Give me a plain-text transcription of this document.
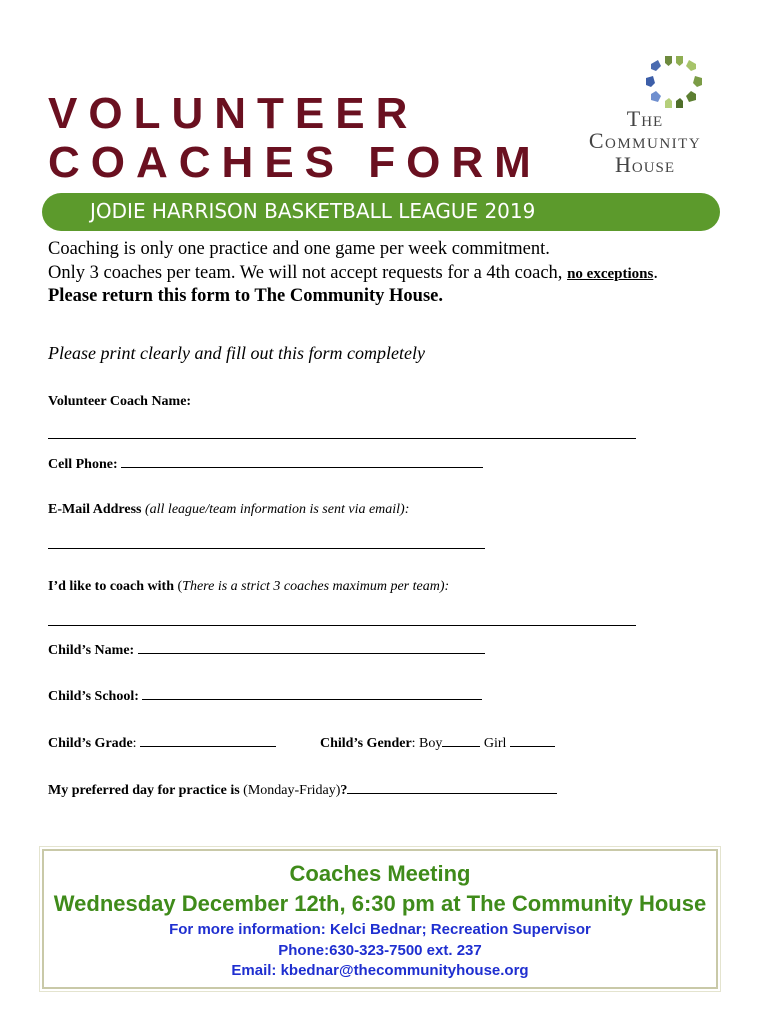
VOLUNTEER
COACHES FORM
The
Community
House
JODIE HARRISON BASKETBALL LEAGUE 2019
Coaching is only one practice and one game per week commitment.
Only 3 coaches per team. We will not accept requests for a 4th coach, no exceptions.
Please return this form to The Community House.
Please print clearly and fill out this form completely
Volunteer Coach Name:
Cell Phone:
E-Mail Address (all league/team information is sent via email):
I’d like to coach with (There is a strict 3 coaches maximum per team):
Child’s Name:
Child’s School:
Child’s Grade:	Child’s Gender: Boy	Girl
My preferred day for practice is (Monday-Friday)?
Coaches Meeting
Wednesday December 12th, 6:30 pm at The Community House
For more information: Kelci Bednar; Recreation Supervisor
Phone:630-323-7500 ext. 237
Email: kbednar@thecommunityhouse.org
